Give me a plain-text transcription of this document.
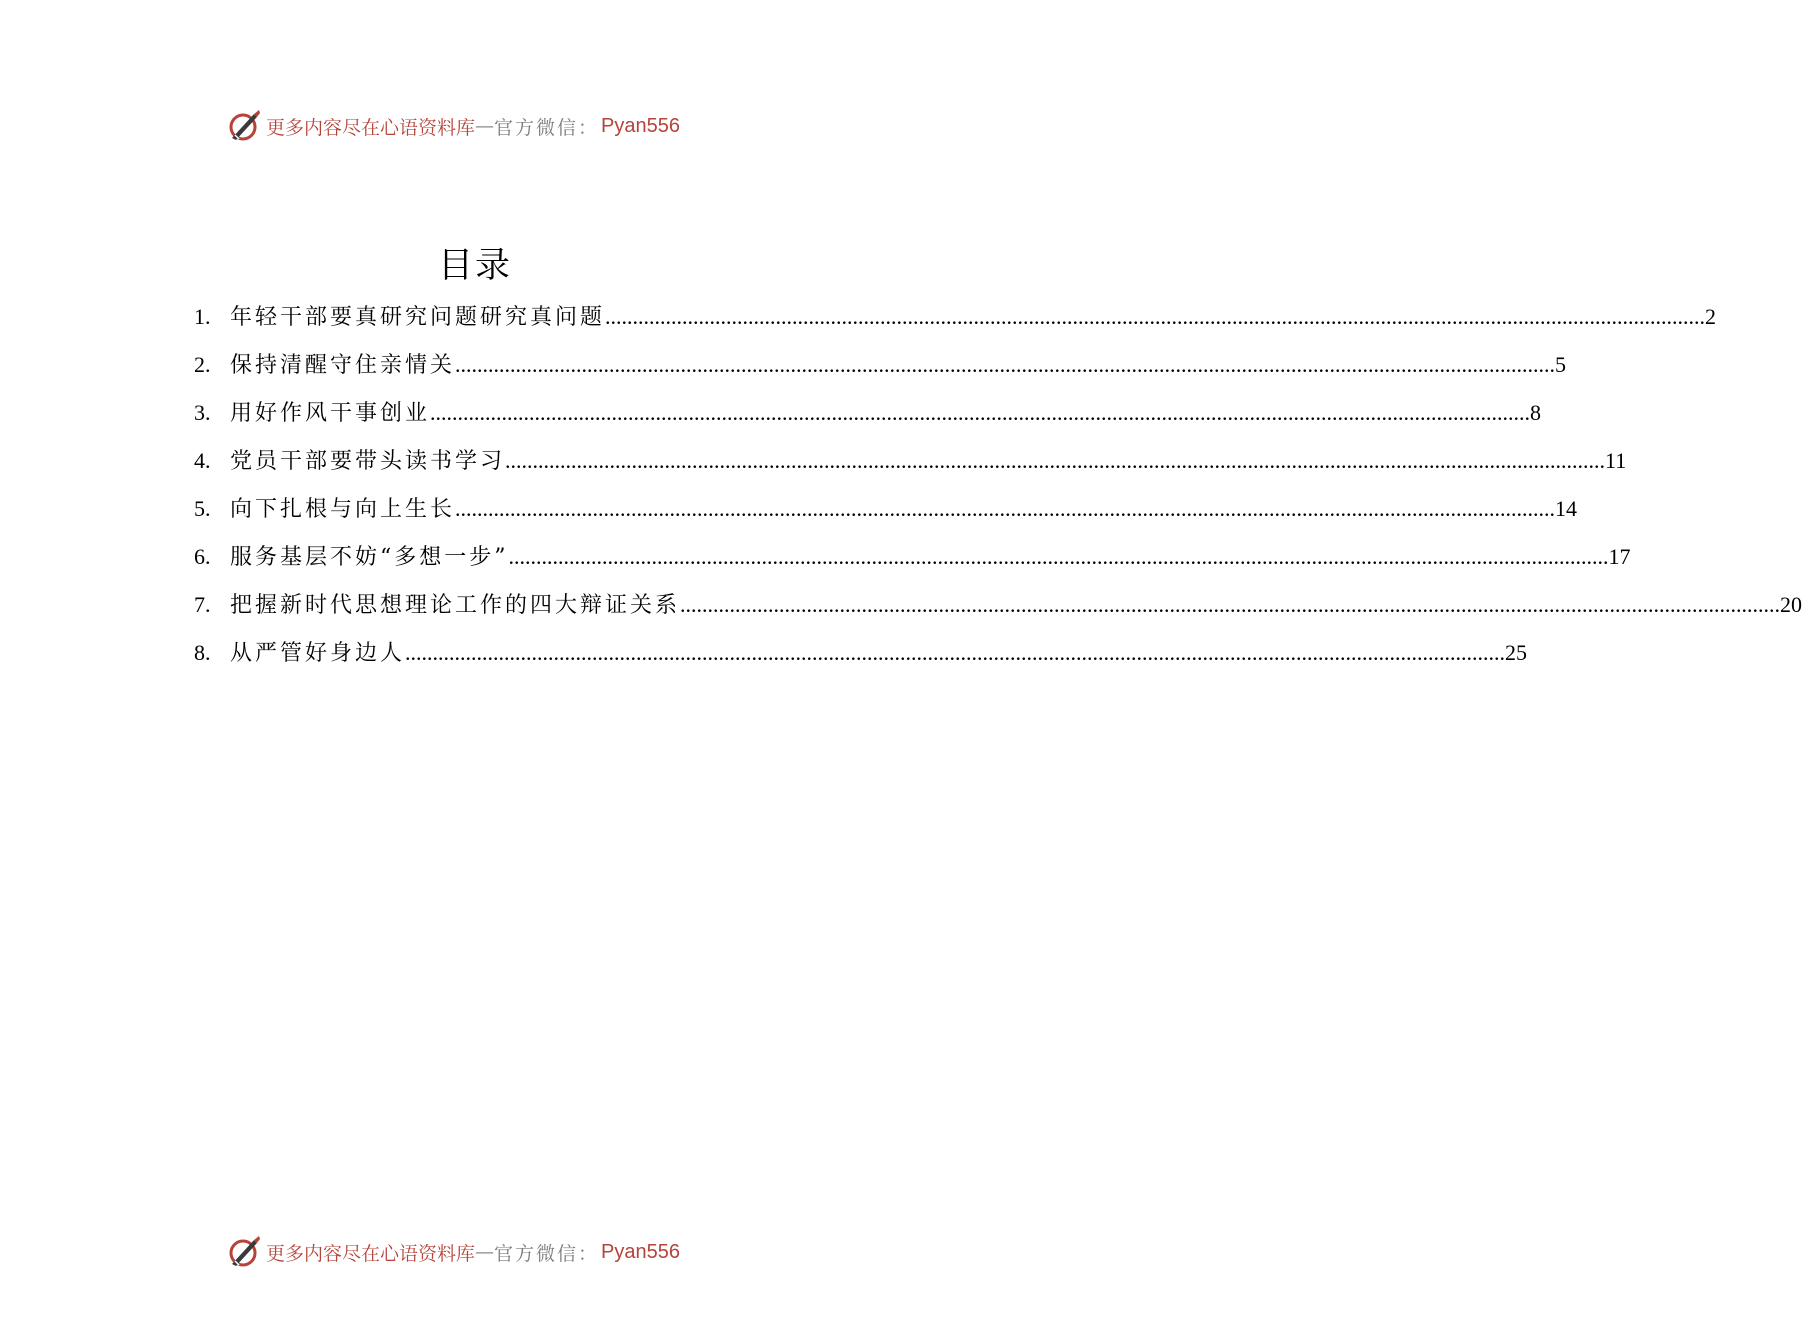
更多内容尽在心语资料库 — 官方微信： Pyan556
目录
1. 年轻干部要真研究问题研究真问题 ........................................................................................................................................................................................................ 2
2. 保持清醒守住亲情关 ........................................................................................................................................................................................................ 5
3. 用好作风干事创业 ........................................................................................................................................................................................................ 8
4. 党员干部要带头读书学习 ........................................................................................................................................................................................................ 11
5. 向下扎根与向上生长 ........................................................................................................................................................................................................ 14
6. 服务基层不妨“多想一步” ........................................................................................................................................................................................................ 17
7. 把握新时代思想理论工作的四大辩证关系 ........................................................................................................................................................................................................ 20
8. 从严管好身边人 ........................................................................................................................................................................................................ 25
更多内容尽在心语资料库 — 官方微信： Pyan556
